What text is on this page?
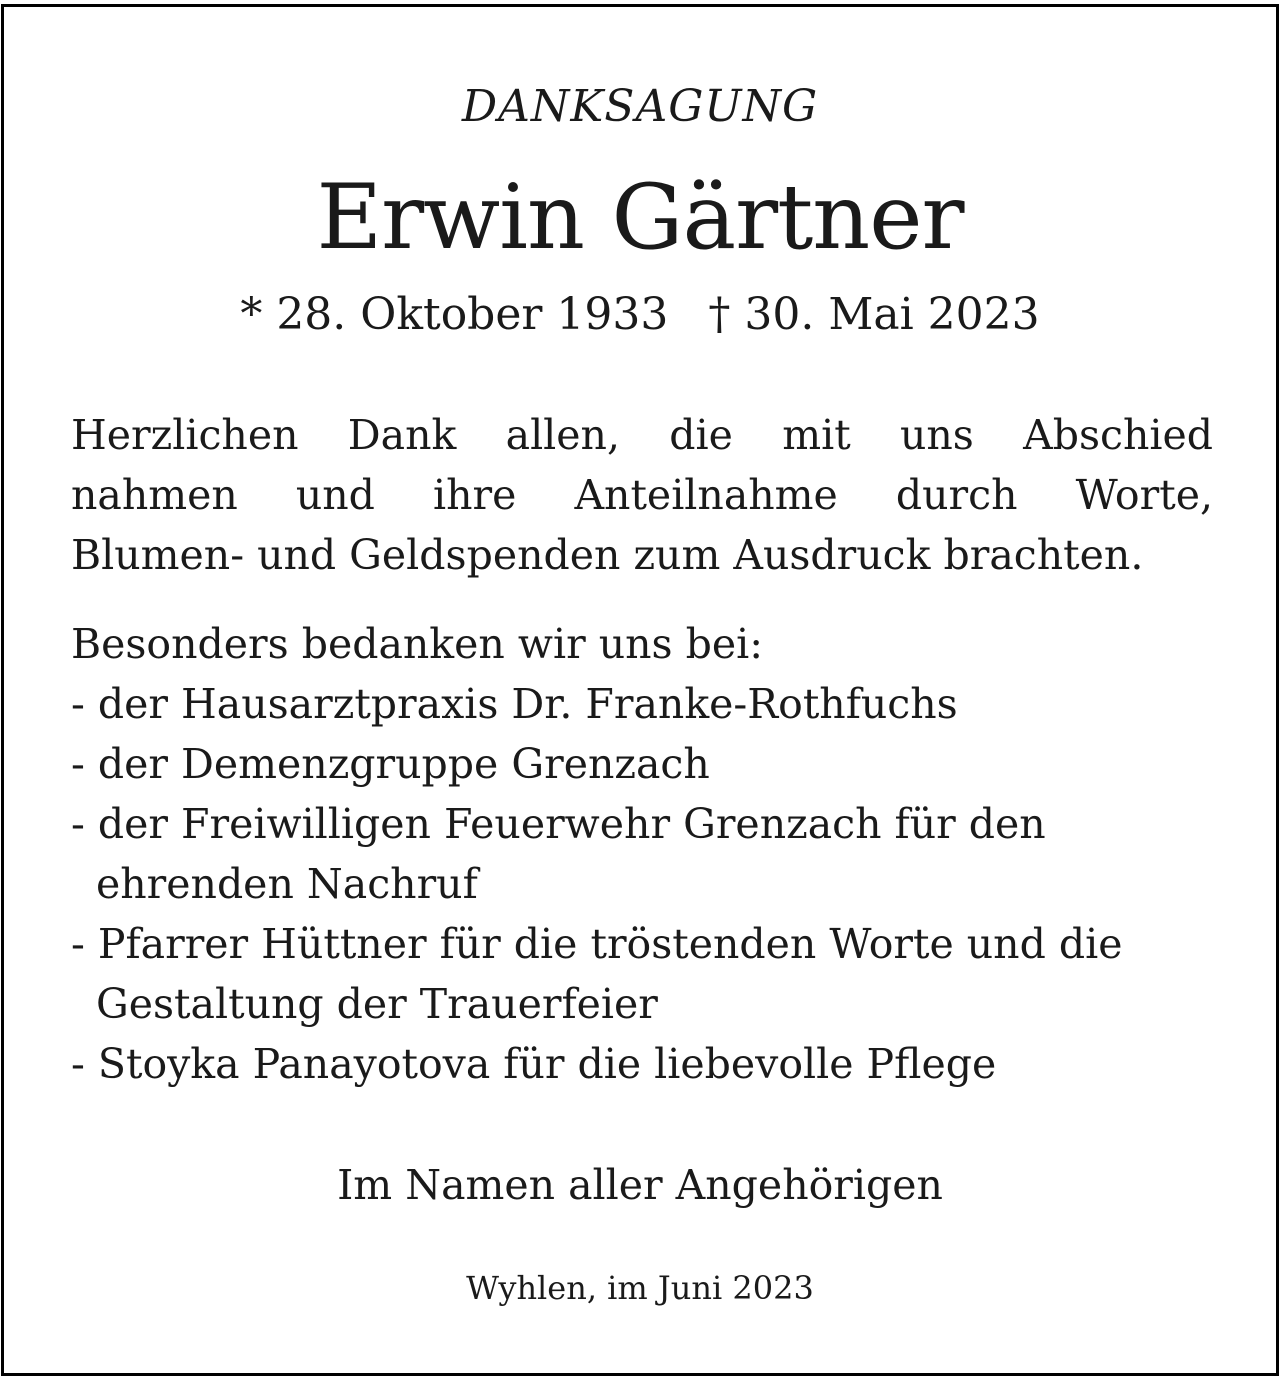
DANKSAGUNG
Erwin Gärtner
* 28. Oktober 1933 † 30. Mai 2023
Herzlichen Dank allen, die mit uns Abschied
nahmen und ihre Anteilnahme durch Worte,
Blumen- und Geldspenden zum Ausdruck brachten.
Besonders bedanken wir uns bei:
- der Hausarztpraxis Dr. Franke-Rothfuchs
- der Demenzgruppe Grenzach
- der Freiwilligen Feuerwehr Grenzach für den ehrenden Nachruf
- Pfarrer Hüttner für die tröstenden Worte und die Gestaltung der Trauerfeier
- Stoyka Panayotova für die liebevolle Pflege
Im Namen aller Angehörigen
Wyhlen, im Juni 2023
